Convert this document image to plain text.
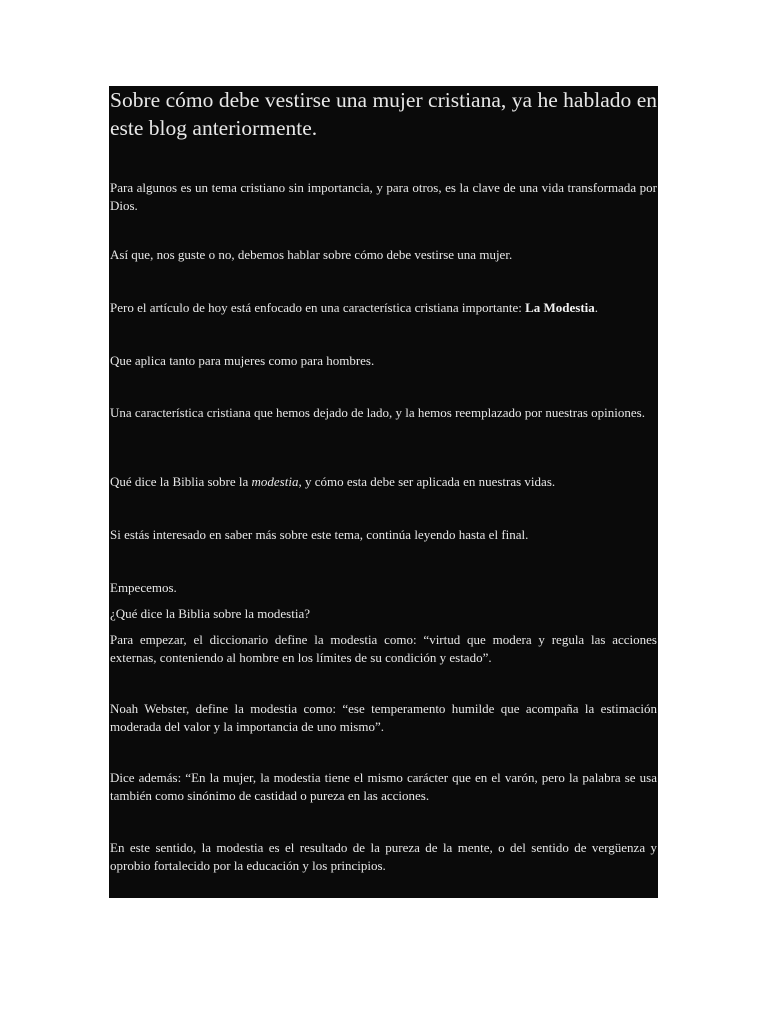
Sobre cómo debe vestirse una mujer cristiana, ya he hablado en este blog anteriormente.

Para algunos es un tema cristiano sin importancia, y para otros, es la clave de una vida transformada por Dios.

Así que, nos guste o no, debemos hablar sobre cómo debe vestirse una mujer.

Pero el artículo de hoy está enfocado en una característica cristiana importante: La Modestia.

Que aplica tanto para mujeres como para hombres.

Una característica cristiana que hemos dejado de lado, y la hemos reemplazado por nuestras opiniones.

Qué dice la Biblia sobre la modestia, y cómo esta debe ser aplicada en nuestras vidas.

Si estás interesado en saber más sobre este tema, continúa leyendo hasta el final.

Empecemos.

¿Qué dice la Biblia sobre la modestia?

Para empezar, el diccionario define la modestia como: “virtud que modera y regula las acciones externas, conteniendo al hombre en los límites de su condición y estado”.

Noah Webster, define la modestia como: “ese temperamento humilde que acompaña la estimación moderada del valor y la importancia de uno mismo”.

Dice además: “En la mujer, la modestia tiene el mismo carácter que en el varón, pero la palabra se usa también como sinónimo de castidad o pureza en las acciones.

En este sentido, la modestia es el resultado de la pureza de la mente, o del sentido de vergüenza y oprobio fortalecido por la educación y los principios.
